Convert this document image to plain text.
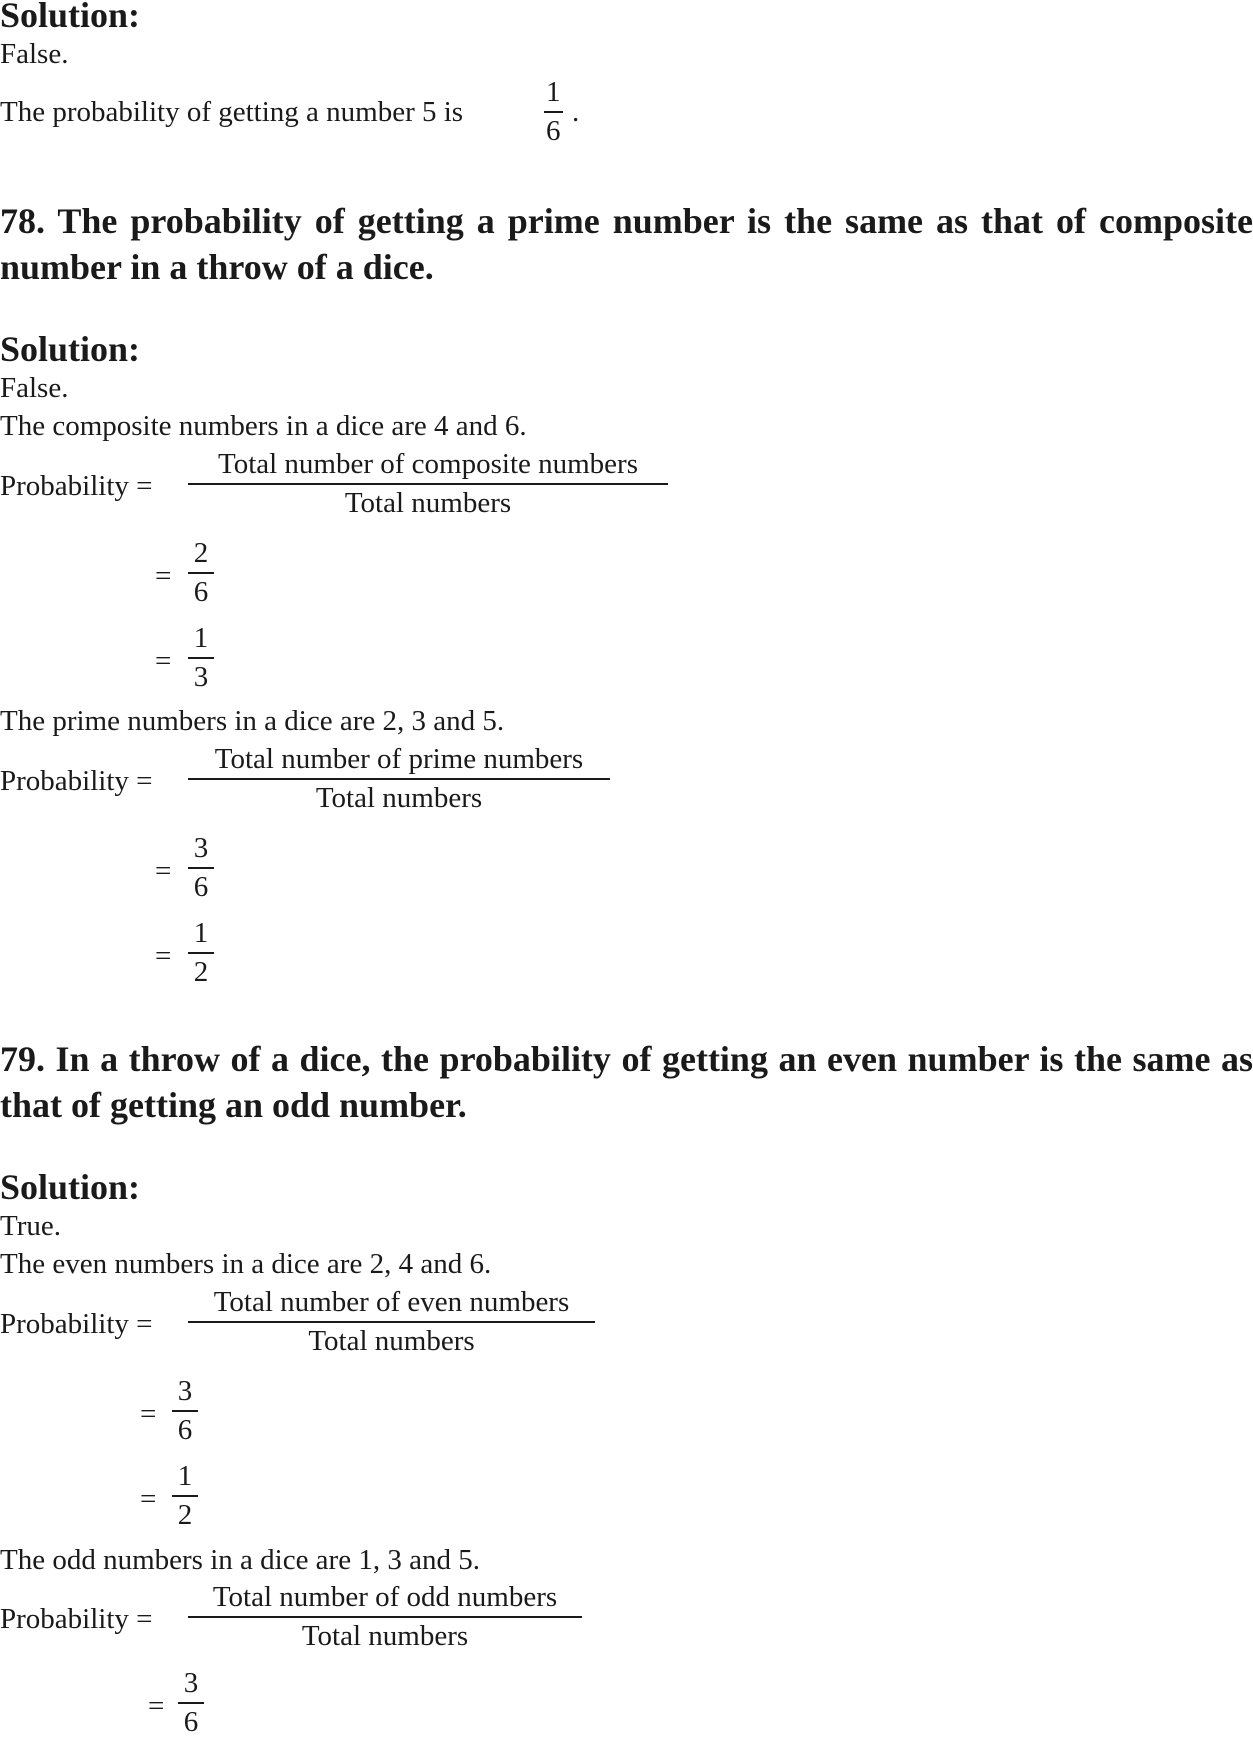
Solution:
False.
The probability of getting a number 5 is	$\frac{1}{6}$ .
78. The probability of getting a prime number is the same as that of composite number in a throw of a dice.
Solution:
False.
The composite numbers in a dice are 4 and 6.
Probability =
Total number of composite numbers
Total numbers
= $\frac{2}{6}$
= $\frac{1}{3}$
The prime numbers in a dice are 2, 3 and 5.
Probability =
Total number of prime numbers
Total numbers
= $\frac{3}{6}$
= $\frac{1}{2}$
79. In a throw of a dice, the probability of getting an even number is the same as that of getting an odd number.
Solution:
True.
The even numbers in a dice are 2, 4 and 6.
Probability =
Total number of even numbers
Total numbers
= $\frac{3}{6}$
= $\frac{1}{2}$
The odd numbers in a dice are 1, 3 and 5.
Probability =
Total number of odd numbers
Total numbers
= $\frac{3}{6}$
